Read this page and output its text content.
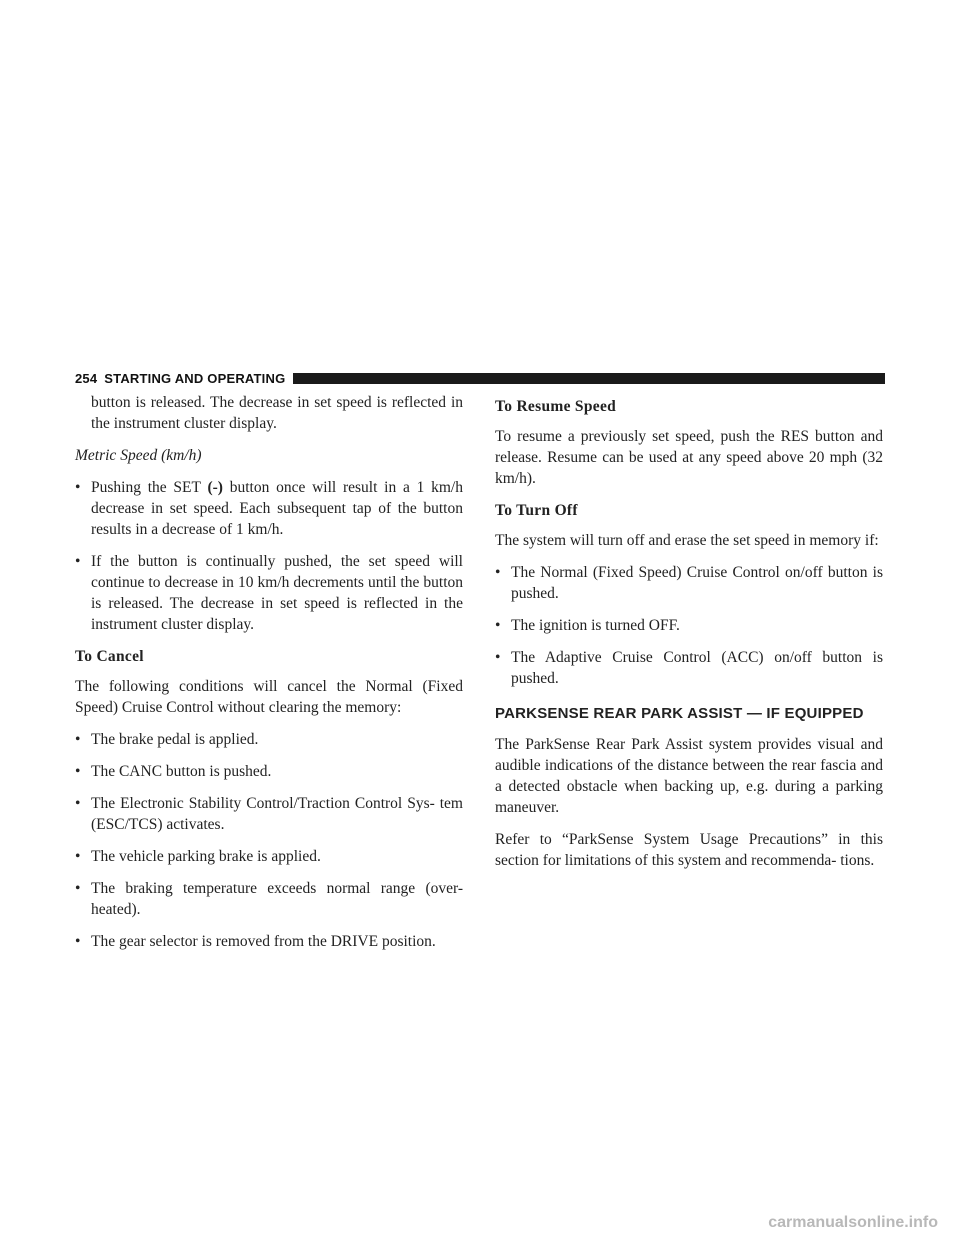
254 STARTING AND OPERATING

button is released. The decrease in set speed is reflected in the instrument cluster display.

Metric Speed (km/h)
• Pushing the SET (-) button once will result in a 1 km/h decrease in set speed. Each subsequent tap of the button results in a decrease of 1 km/h.
• If the button is continually pushed, the set speed will continue to decrease in 10 km/h decrements until the button is released. The decrease in set speed is reflected in the instrument cluster display.
To Cancel

The following conditions will cancel the Normal (Fixed Speed) Cruise Control without clearing the memory:

• The brake pedal is applied.
• The CANC button is pushed.
• The Electronic Stability Control/Traction Control Sys- tem (ESC/TCS) activates.
• The vehicle parking brake is applied.
• The braking temperature exceeds normal range (over- heated).
• The gear selector is removed from the DRIVE position.
To Resume Speed

To resume a previously set speed, push the RES button and release. Resume can be used at any speed above 20 mph (32 km/h).

To Turn Off

The system will turn off and erase the set speed in memory if:

• The Normal (Fixed Speed) Cruise Control on/off button is pushed.
• The ignition is turned OFF.
• The Adaptive Cruise Control (ACC) on/off button is pushed.
PARKSENSE REAR PARK ASSIST — IF EQUIPPED

The ParkSense Rear Park Assist system provides visual and audible indications of the distance between the rear fascia and a detected obstacle when backing up, e.g. during a parking maneuver.

Refer to “ParkSense System Usage Precautions” in this section for limitations of this system and recommenda- tions.

carmanualsonline.info
